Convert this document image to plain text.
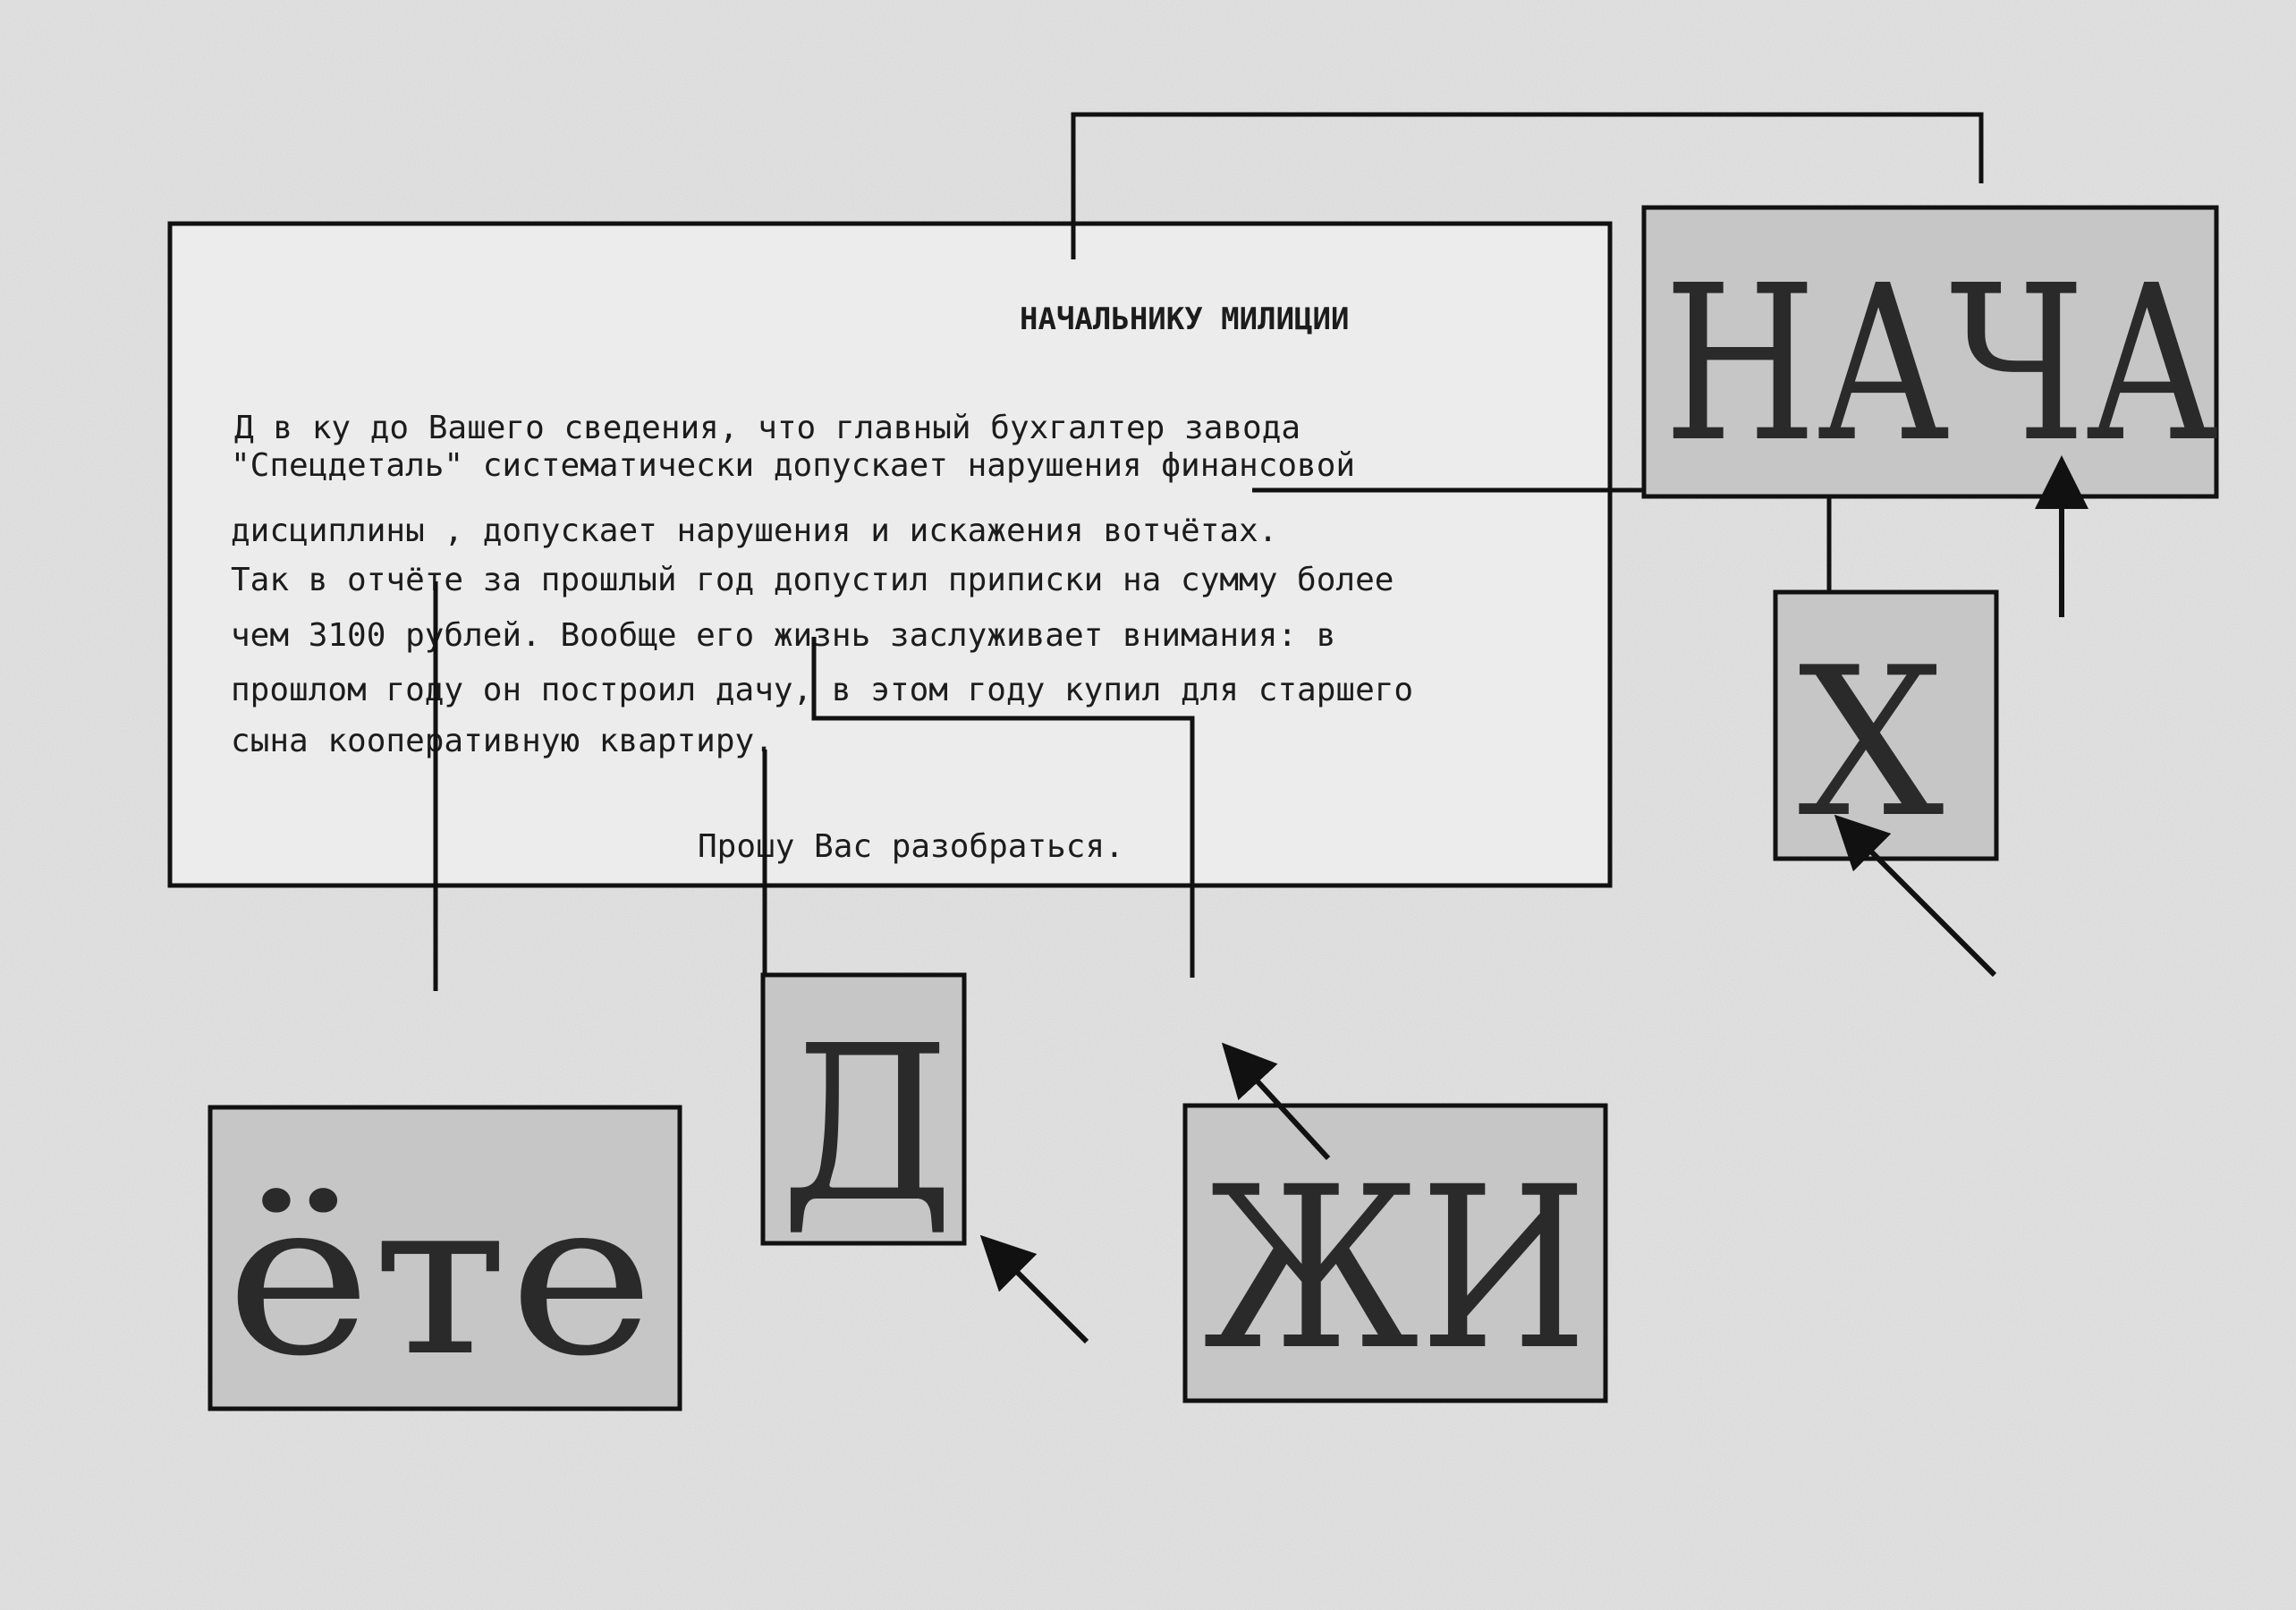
НАЧАЛЬНИКУ МИЛИЦИИ
Д в ку до Вашего сведения, что главный бухгалтер завода
"Спецдеталь" систематически допускает нарушения финансовой
дисциплины , допускает нарушения и искажения вотчётах.
Так в отчёте за прошлый год допустил приписки на сумму более
чем 3100 рублей. Вообще его жизнь заслуживает внимания: в
прошлом году он построил дачу, в этом году купил для старшего
сына кооперативную квартиру.
Прошу Вас разобраться.
НАЧА
Х
ёте
Д
ЖИ
